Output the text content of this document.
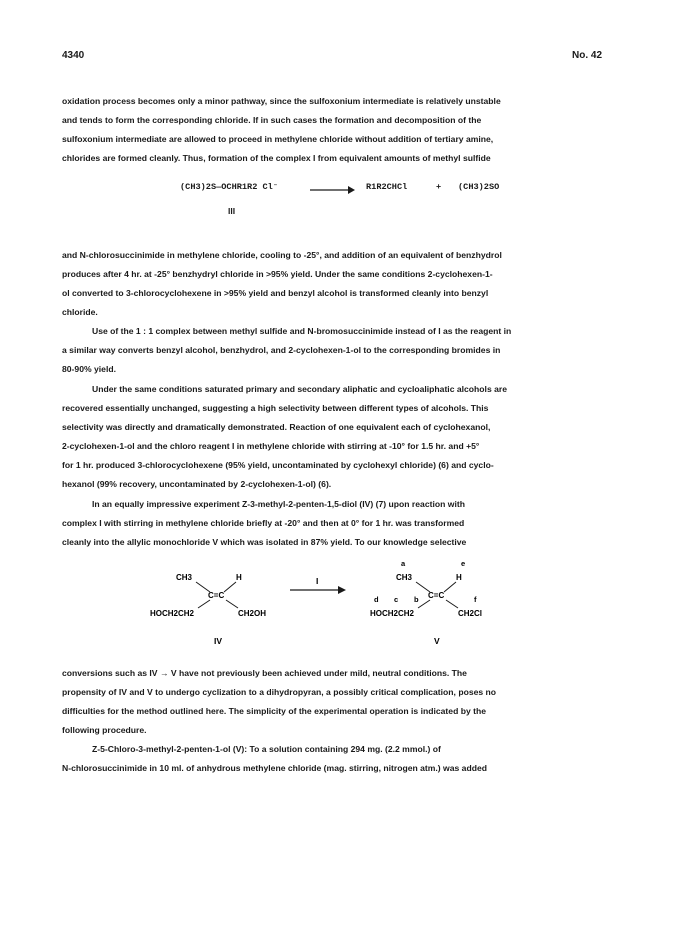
4340	No. 42
oxidation process becomes only a minor pathway, since the sulfoxonium intermediate is relatively unstable
and tends to form the corresponding chloride. If in such cases the formation and decomposition of the
sulfoxonium intermediate are allowed to proceed in methylene chloride without addition of tertiary amine,
chlorides are formed cleanly. Thus, formation of the complex I from equivalent amounts of methyl sulfide
(CH3)2S—OCHR1R2 Cl⁻ → R1R2CHCl	+ (CH3)2SO
III
and N-chlorosuccinimide in methylene chloride, cooling to -25°, and addition of an equivalent of benzhydrol
produces after 4 hr. at -25° benzhydryl chloride in >95% yield. Under the same conditions 2-cyclohexen-1-
ol converted to 3-chlorocyclohexene in >95% yield and benzyl alcohol is transformed cleanly into benzyl
chloride.
Use of the 1 : 1 complex between methyl sulfide and N-bromosuccinimide instead of I as the reagent in
a similar way converts benzyl alcohol, benzhydrol, and 2-cyclohexen-1-ol to the corresponding bromides in
80-90% yield.
Under the same conditions saturated primary and secondary aliphatic and cycloaliphatic alcohols are
recovered essentially unchanged, suggesting a high selectivity between different types of alcohols. This
selectivity was directly and dramatically demonstrated. Reaction of one equivalent each of cyclohexanol,
2-cyclohexen-1-ol and the chloro reagent I in methylene chloride with stirring at -10° for 1.5 hr. and +5°
for 1 hr. produced 3-chlorocyclohexene (95% yield, uncontaminated by cyclohexyl chloride) (6) and cyclo-
hexanol (99% recovery, uncontaminated by 2-cyclohexen-1-ol) (6).
In an equally impressive experiment Z-3-methyl-2-penten-1,5-diol (IV) (7) upon reaction with
complex I with stirring in methylene chloride briefly at -20° and then at 0° for 1 hr. was transformed
cleanly into the allylic monochloride V which was isolated in 87% yield. To our knowledge selective
CH3	H
C=C
HOCH2CH2	CH2OH
IV
I
a	e
CH3	H
d c b C=C	f
HOCH2CH2	CH2Cl
V
conversions such as IV → V have not previously been achieved under mild, neutral conditions. The
propensity of IV and V to undergo cyclization to a dihydropyran, a possibly critical complication, poses no
difficulties for the method outlined here. The simplicity of the experimental operation is indicated by the
following procedure.
Z-5-Chloro-3-methyl-2-penten-1-ol (V): To a solution containing 294 mg. (2.2 mmol.) of
N-chlorosuccinimide in 10 ml. of anhydrous methylene chloride (mag. stirring, nitrogen atm.) was added
